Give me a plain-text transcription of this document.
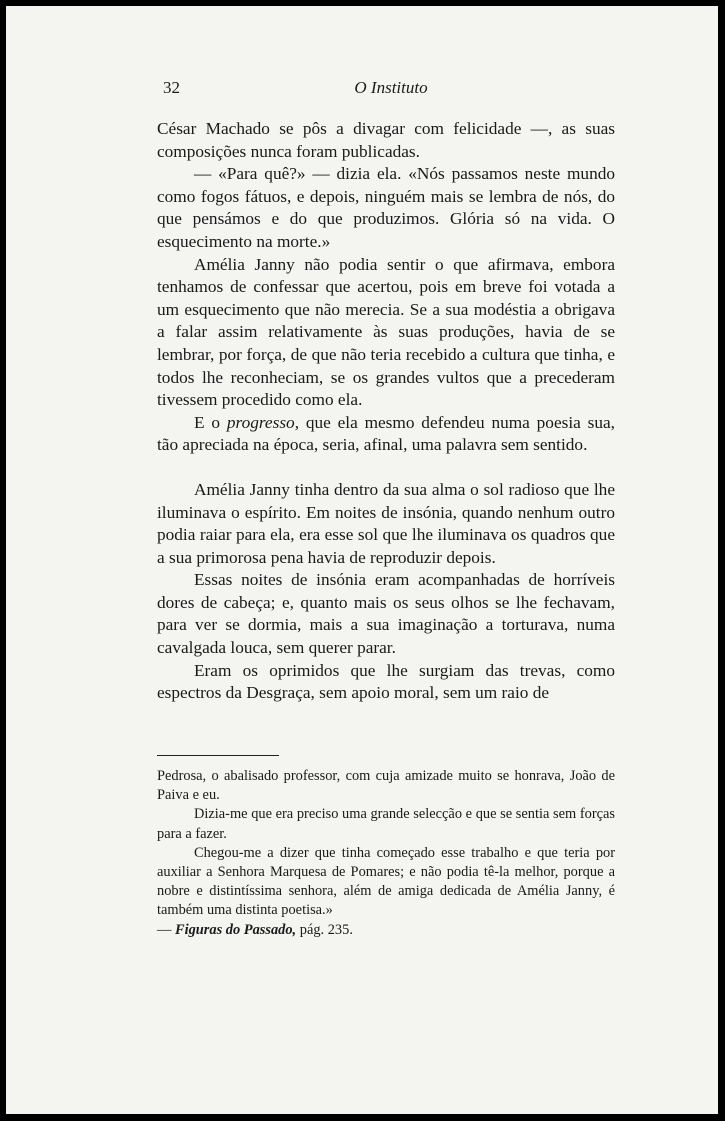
32	O Instituto

César Machado se pôs a divagar com felicidade —, as suas composições nunca foram publicadas.

— «Para quê?» — dizia ela. «Nós passamos neste mundo como fogos fátuos, e depois, ninguém mais se lembra de nós, do que pensámos e do que produzimos. Glória só na vida. O esquecimento na morte.»

Amélia Janny não podia sentir o que afirmava, embora tenhamos de confessar que acertou, pois em breve foi votada a um esquecimento que não merecia. Se a sua modéstia a obrigava a falar assim relativamente às suas produções, havia de se lembrar, por força, de que não teria recebido a cultura que tinha, e todos lhe reconheciam, se os grandes vultos que a precederam tivessem procedido como ela.

E o progresso, que ela mesmo defendeu numa poesia sua, tão apreciada na época, seria, afinal, uma palavra sem sentido.

Amélia Janny tinha dentro da sua alma o sol radioso que lhe iluminava o espírito. Em noites de insónia, quando nenhum outro podia raiar para ela, era esse sol que lhe iluminava os quadros que a sua primorosa pena havia de reproduzir depois.

Essas noites de insónia eram acompanhadas de horríveis dores de cabeça; e, quanto mais os seus olhos se lhe fechavam, para ver se dormia, mais a sua imaginação a torturava, numa cavalgada louca, sem querer parar.

Eram os oprimidos que lhe surgiam das trevas, como espectros da Desgraça, sem apoio moral, sem um raio de

Pedrosa, o abalisado professor, com cuja amizade muito se honrava, João de Paiva e eu.

Dizia-me que era preciso uma grande selecção e que se sentia sem forças para a fazer.

Chegou-me a dizer que tinha começado esse trabalho e que teria por auxiliar a Senhora Marquesa de Pomares; e não podia tê-la melhor, porque a nobre e distintíssima senhora, além de amiga dedicada de Amélia Janny, é também uma distinta poetisa.»

— Figuras do Passado, pág. 235.
